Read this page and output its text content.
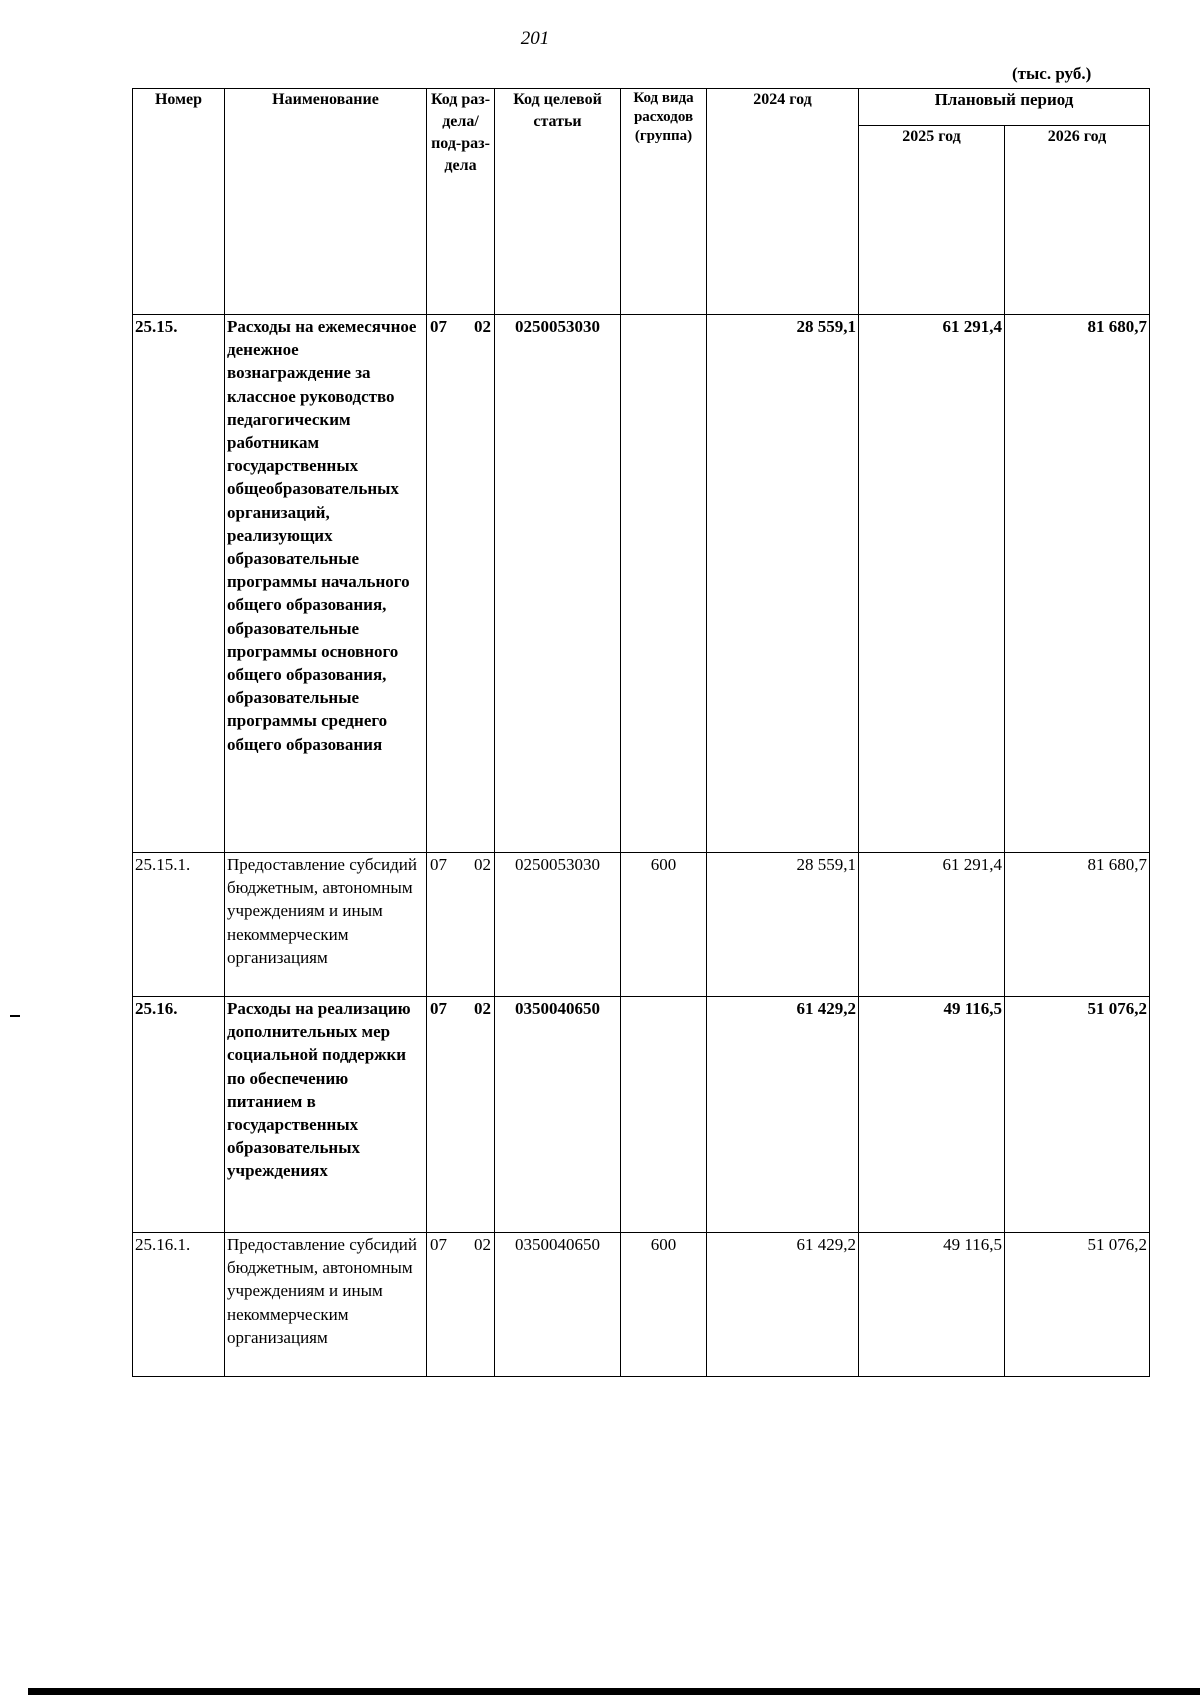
201
(тыс. руб.)
Номер	Наименование	Код раз-дела/ под-раз-дела	Код целевой статьи	Код вида расходов (группа)	2024 год	Плановый период	
						2025 год	2026 год
25.15.	Расходы на ежемесячное денежное вознаграждение за классное руководство педагогическим работникам государственных общеобразовательных организаций, реализующих образовательные программы начального общего образования, образовательные программы основного общего образования, образовательные программы среднего общего образования	07 02	0250053030		28 559,1	61 291,4	81 680,7
25.15.1.	Предоставление субсидий бюджетным, автономным учреждениям и иным некоммерческим организациям	07 02	0250053030	600	28 559,1	61 291,4	81 680,7
25.16.	Расходы на реализацию дополнительных мер социальной поддержки по обеспечению питанием в государственных образовательных учреждениях	07 02	0350040650		61 429,2	49 116,5	51 076,2
25.16.1.	Предоставление субсидий бюджетным, автономным учреждениям и иным некоммерческим организациям	07 02	0350040650	600	61 429,2	49 116,5	51 076,2
